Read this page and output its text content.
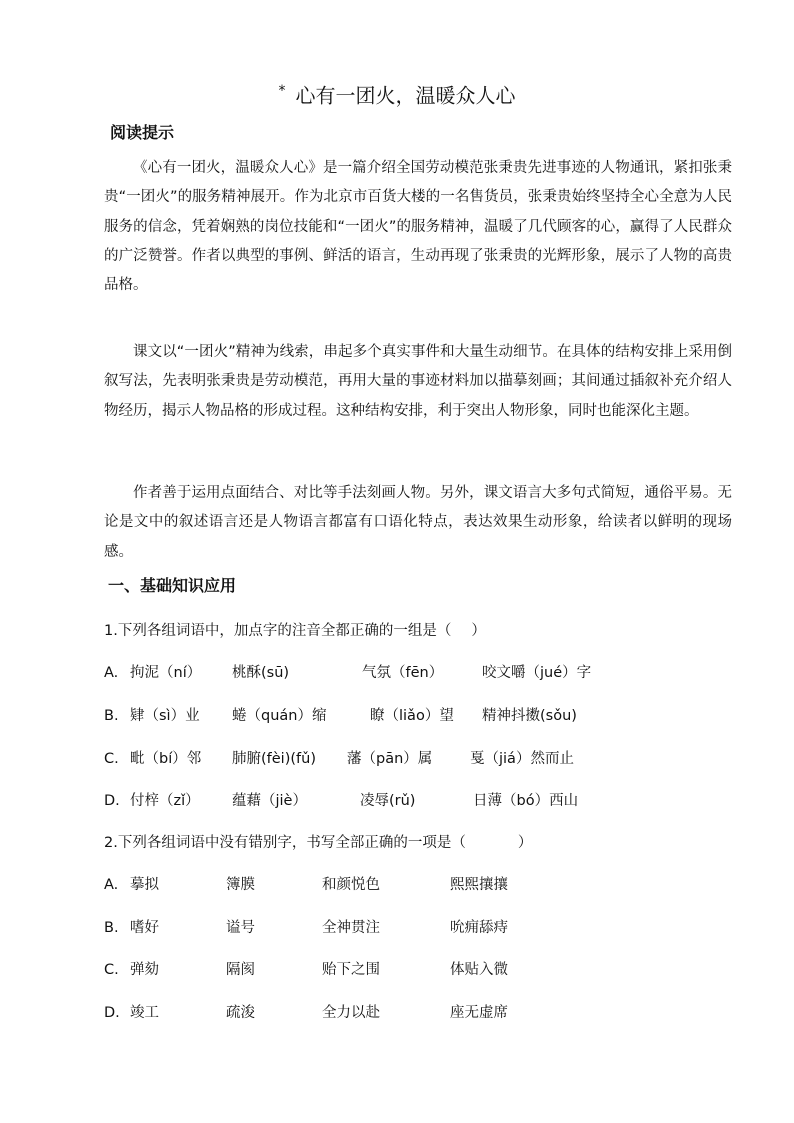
* 心有一团火，温暖众人心
阅读提示
《心有一团火，温暖众人心》是一篇介绍全国劳动模范张秉贵先进事迹的人物通讯，紧扣张秉贵“一团火”的服务精神展开。作为北京市百货大楼的一名售货员，张秉贵始终坚持全心全意为人民服务的信念，凭着娴熟的岗位技能和“一团火”的服务精神，温暖了几代顾客的心，赢得了人民群众的广泛赞誉。作者以典型的事例、鲜活的语言，生动再现了张秉贵的光辉形象，展示了人物的高贵品格。
课文以“一团火”精神为线索，串起多个真实事件和大量生动细节。在具体的结构安排上采用倒叙写法，先表明张秉贵是劳动模范，再用大量的事迹材料加以描摹刻画；其间通过插叙补充介绍人物经历，揭示人物品格的形成过程。这种结构安排，利于突出人物形象，同时也能深化主题。
作者善于运用点面结合、对比等手法刻画人物。另外，课文语言大多句式简短，通俗平易。无论是文中的叙述语言还是人物语言都富有口语化特点，表达效果生动形象，给读者以鲜明的现场感。
一、基础知识应用
1.下列各组词语中，加点字的注音全都正确的一组是（ ）
A. 拘泥（ní） 桃酥(sū)	气氛（fēn）	咬文嚼（jué）字
B. 肄（sì）业 蜷（quán）缩	瞭（liǎo）望 精神抖擞(sǒu)
C. 毗（bí）邻 肺腑(fèi)(fǔ) 藩（pān）属	戛（jiá）然而止
D. 付梓（zǐ） 蕴藉（jiè）	凌辱(rǔ)	日薄（bó）西山
2.下列各组词语中没有错别字，书写全部正确的一项是（	）
A. 摹拟	簿膜	和颜悦色	熙熙攘攘
B. 嗜好	谥号	全神贯注	吮痈舔痔
C. 弹劾	隔阂	贻下之围	体贴入微
D. 竣工	疏浚	全力以赴	座无虚席
